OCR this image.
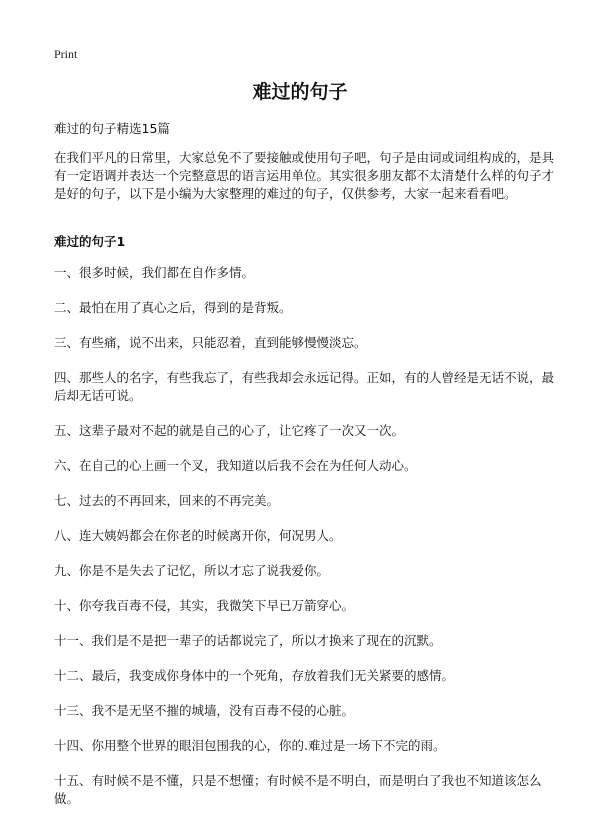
Print
难过的句子
难过的句子精选15篇

在我们平凡的日常里，大家总免不了要接触或使用句子吧，句子是由词或词组构成的，是具有一定语调并表达一个完整意思的语言运用单位。其实很多朋友都不太清楚什么样的句子才是好的句子，以下是小编为大家整理的难过的句子，仅供参考，大家一起来看看吧。

难过的句子1
一、很多时候，我们都在自作多情。
二、最怕在用了真心之后，得到的是背叛。
三、有些痛，说不出来，只能忍着，直到能够慢慢淡忘。
四、那些人的名字，有些我忘了，有些我却会永远记得。正如，有的人曾经是无话不说，最后却无话可说。
五、这辈子最对不起的就是自己的心了，让它疼了一次又一次。
六、在自己的心上画一个叉，我知道以后我不会在为任何人动心。
七、过去的不再回来，回来的不再完美。
八、连大姨妈都会在你老的时候离开你，何况男人。
九、你是不是失去了记忆，所以才忘了说我爱你。
十、你夸我百毒不侵，其实，我微笑下早已万箭穿心。
十一、我们是不是把一辈子的话都说完了，所以才换来了现在的沉默。
十二、最后，我变成你身体中的一个死角，存放着我们无关紧要的感情。
十三、我不是无坚不摧的城墙，没有百毒不侵的心脏。
十四、你用整个世界的眼泪包围我的心，你的.难过是一场下不完的雨。
十五、有时候不是不懂，只是不想懂；有时候不是不明白，而是明白了我也不知道该怎么做。
